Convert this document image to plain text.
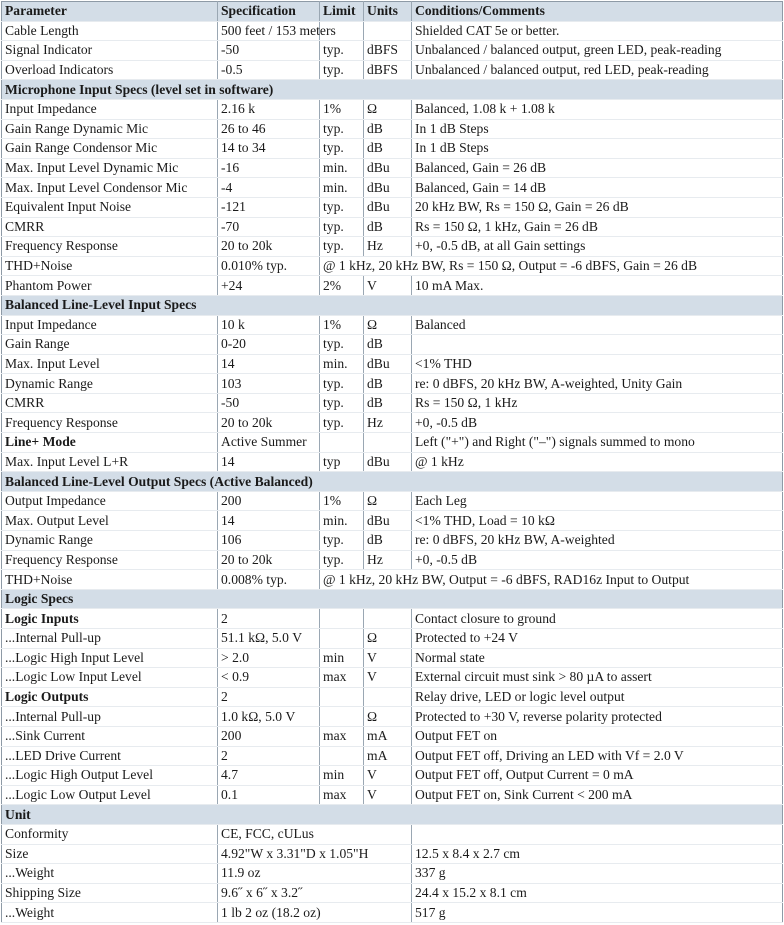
Parameter	Specification	Limit	Units	Conditions/Comments
Cable Length	500 feet / 153 meters			Shielded CAT 5e or better.
Signal Indicator	-50	typ.	dBFS	Unbalanced / balanced output, green LED, peak-reading
Overload Indicators	-0.5	typ.	dBFS	Unbalanced / balanced output, red LED, peak-reading
Microphone Input Specs (level set in software)				
Input Impedance	2.16 k	1%	Ω	Balanced, 1.08 k + 1.08 k
Gain Range Dynamic Mic	26 to 46	typ.	dB	In 1 dB Steps
Gain Range Condensor Mic	14 to 34	typ.	dB	In 1 dB Steps
Max. Input Level Dynamic Mic	-16	min.	dBu	Balanced, Gain = 26 dB
Max. Input Level Condensor Mic	-4	min.	dBu	Balanced, Gain = 14 dB
Equivalent Input Noise	-121	typ.	dBu	20 kHz BW, Rs = 150 Ω, Gain = 26 dB
CMRR	-70	typ.	dB	Rs = 150 Ω, 1 kHz, Gain = 26 dB
Frequency Response	20 to 20k	typ.	Hz	+0, -0.5 dB, at all Gain settings
THD+Noise	0.010% typ.	@ 1 kHz, 20 kHz BW, Rs = 150 Ω, Output = -6 dBFS, Gain = 26 dB		
Phantom Power	+24	2%	V	10 mA Max.
Balanced Line-Level Input Specs				
Input Impedance	10 k	1%	Ω	Balanced
Gain Range	0-20	typ.	dB	
Max. Input Level	14	min.	dBu	<1% THD
Dynamic Range	103	typ.	dB	re: 0 dBFS, 20 kHz BW, A-weighted, Unity Gain
CMRR	-50	typ.	dB	Rs = 150 Ω, 1 kHz
Frequency Response	20 to 20k	typ.	Hz	+0, -0.5 dB
Line+ Mode	Active Summer			Left ("+") and Right ("–") signals summed to mono
Max. Input Level L+R	14	typ	dBu	@ 1 kHz
Balanced Line-Level Output Specs (Active Balanced)				
Output Impedance	200	1%	Ω	Each Leg
Max. Output Level	14	min.	dBu	<1% THD, Load = 10 kΩ
Dynamic Range	106	typ.	dB	re: 0 dBFS, 20 kHz BW, A-weighted
Frequency Response	20 to 20k	typ.	Hz	+0, -0.5 dB
THD+Noise	0.008% typ.	@ 1 kHz, 20 kHz BW, Output = -6 dBFS, RAD16z Input to Output		
Logic Specs				
Logic Inputs	2			Contact closure to ground
...Internal Pull-up	51.1 kΩ, 5.0 V		Ω	Protected to +24 V
...Logic High Input Level	> 2.0	min	V	Normal state
...Logic Low Input Level	< 0.9	max	V	External circuit must sink > 80 µA to assert
Logic Outputs	2			Relay drive, LED or logic level output
...Internal Pull-up	1.0 kΩ, 5.0 V		Ω	Protected to +30 V, reverse polarity protected
...Sink Current	200	max	mA	Output FET on
...LED Drive Current	2		mA	Output FET off, Driving an LED with Vf = 2.0 V
...Logic High Output Level	4.7	min	V	Output FET off, Output Current = 0 mA
...Logic Low Output Level	0.1	max	V	Output FET on, Sink Current < 200 mA
Unit				
Conformity	CE, FCC, cULus			
Size	4.92"W x 3.31"D x 1.05"H			12.5 x 8.4 x 2.7 cm
...Weight	11.9 oz			337 g
Shipping Size	9.6˝ x 6˝ x 3.2˝			24.4 x 15.2 x 8.1 cm
...Weight	1 lb 2 oz (18.2 oz)			517 g
